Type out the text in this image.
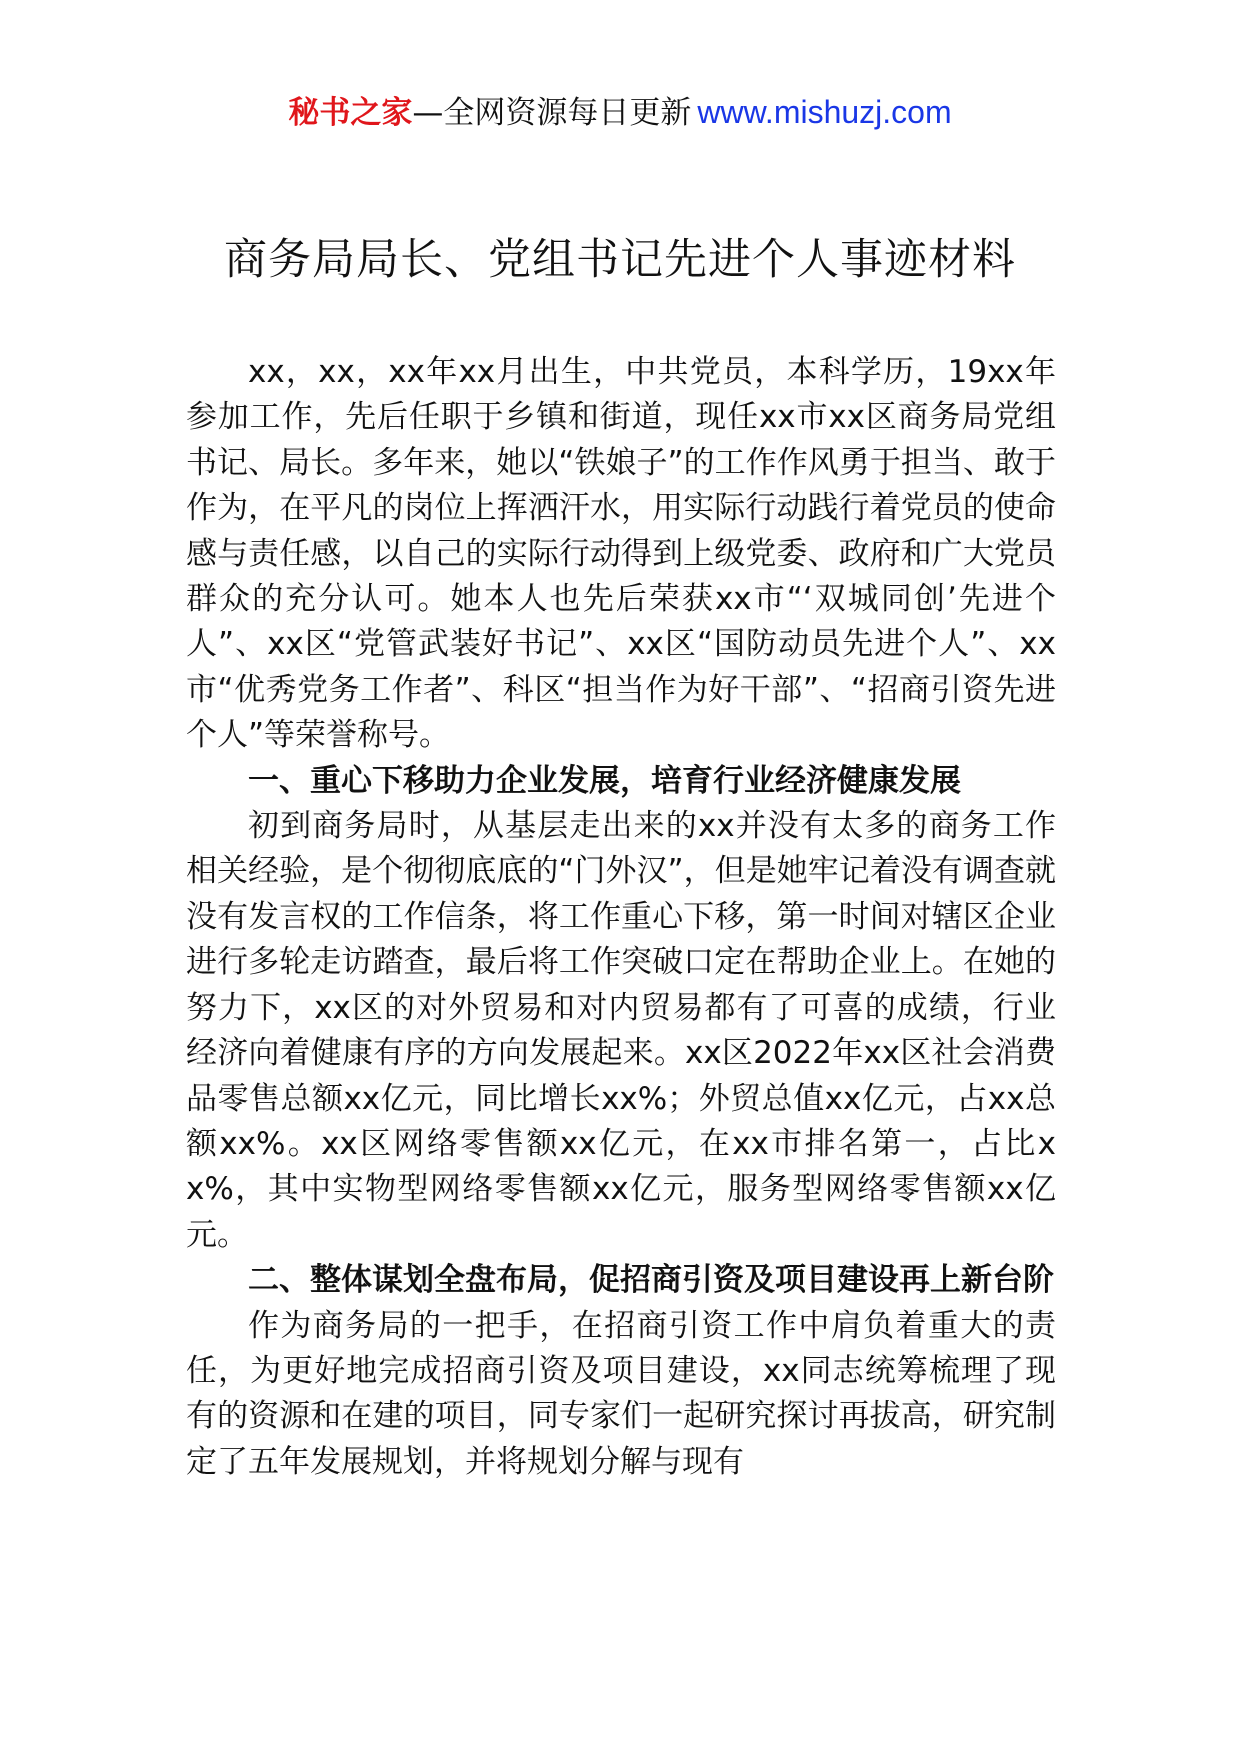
秘书之家—全网资源每日更新 www.mishuzj.com
商务局局长、党组书记先进个人事迹材料

xx，xx，xx年xx月出生，中共党员，本科学历，19xx年参加工作，先后任职于乡镇和街道，现任xx市xx区商务局党组书记、局长。多年来，她以“铁娘子”的工作作风勇于担当、敢于作为，在平凡的岗位上挥洒汗水，用实际行动践行着党员的使命感与责任感，以自己的实际行动得到上级党委、政府和广大党员群众的充分认可。她本人也先后荣获xx市“‘双城同创’先进个人”、xx区“党管武装好书记”、xx区“国防动员先进个人”、xx市“优秀党务工作者”、科区“担当作为好干部”、“招商引资先进个人”等荣誉称号。

一、重心下移助力企业发展，培育行业经济健康发展

初到商务局时，从基层走出来的xx并没有太多的商务工作相关经验，是个彻彻底底的“门外汉”，但是她牢记着没有调查就没有发言权的工作信条，将工作重心下移，第一时间对辖区企业进行多轮走访踏查，最后将工作突破口定在帮助企业上。在她的努力下，xx区的对外贸易和对内贸易都有了可喜的成绩，行业经济向着健康有序的方向发展起来。xx区2022年xx区社会消费品零售总额xx亿元，同比增长xx%；外贸总值xx亿元，占xx总额xx%。xx区网络零售额xx亿元，在xx市排名第一，占比xx%，其中实物型网络零售额xx亿元，服务型网络零售额xx亿元。

二、整体谋划全盘布局，促招商引资及项目建设再上新台阶

作为商务局的一把手，在招商引资工作中肩负着重大的责任，为更好地完成招商引资及项目建设，xx同志统筹梳理了现有的资源和在建的项目，同专家们一起研究探讨再拔高，研究制定了五年发展规划，并将规划分解与现有
